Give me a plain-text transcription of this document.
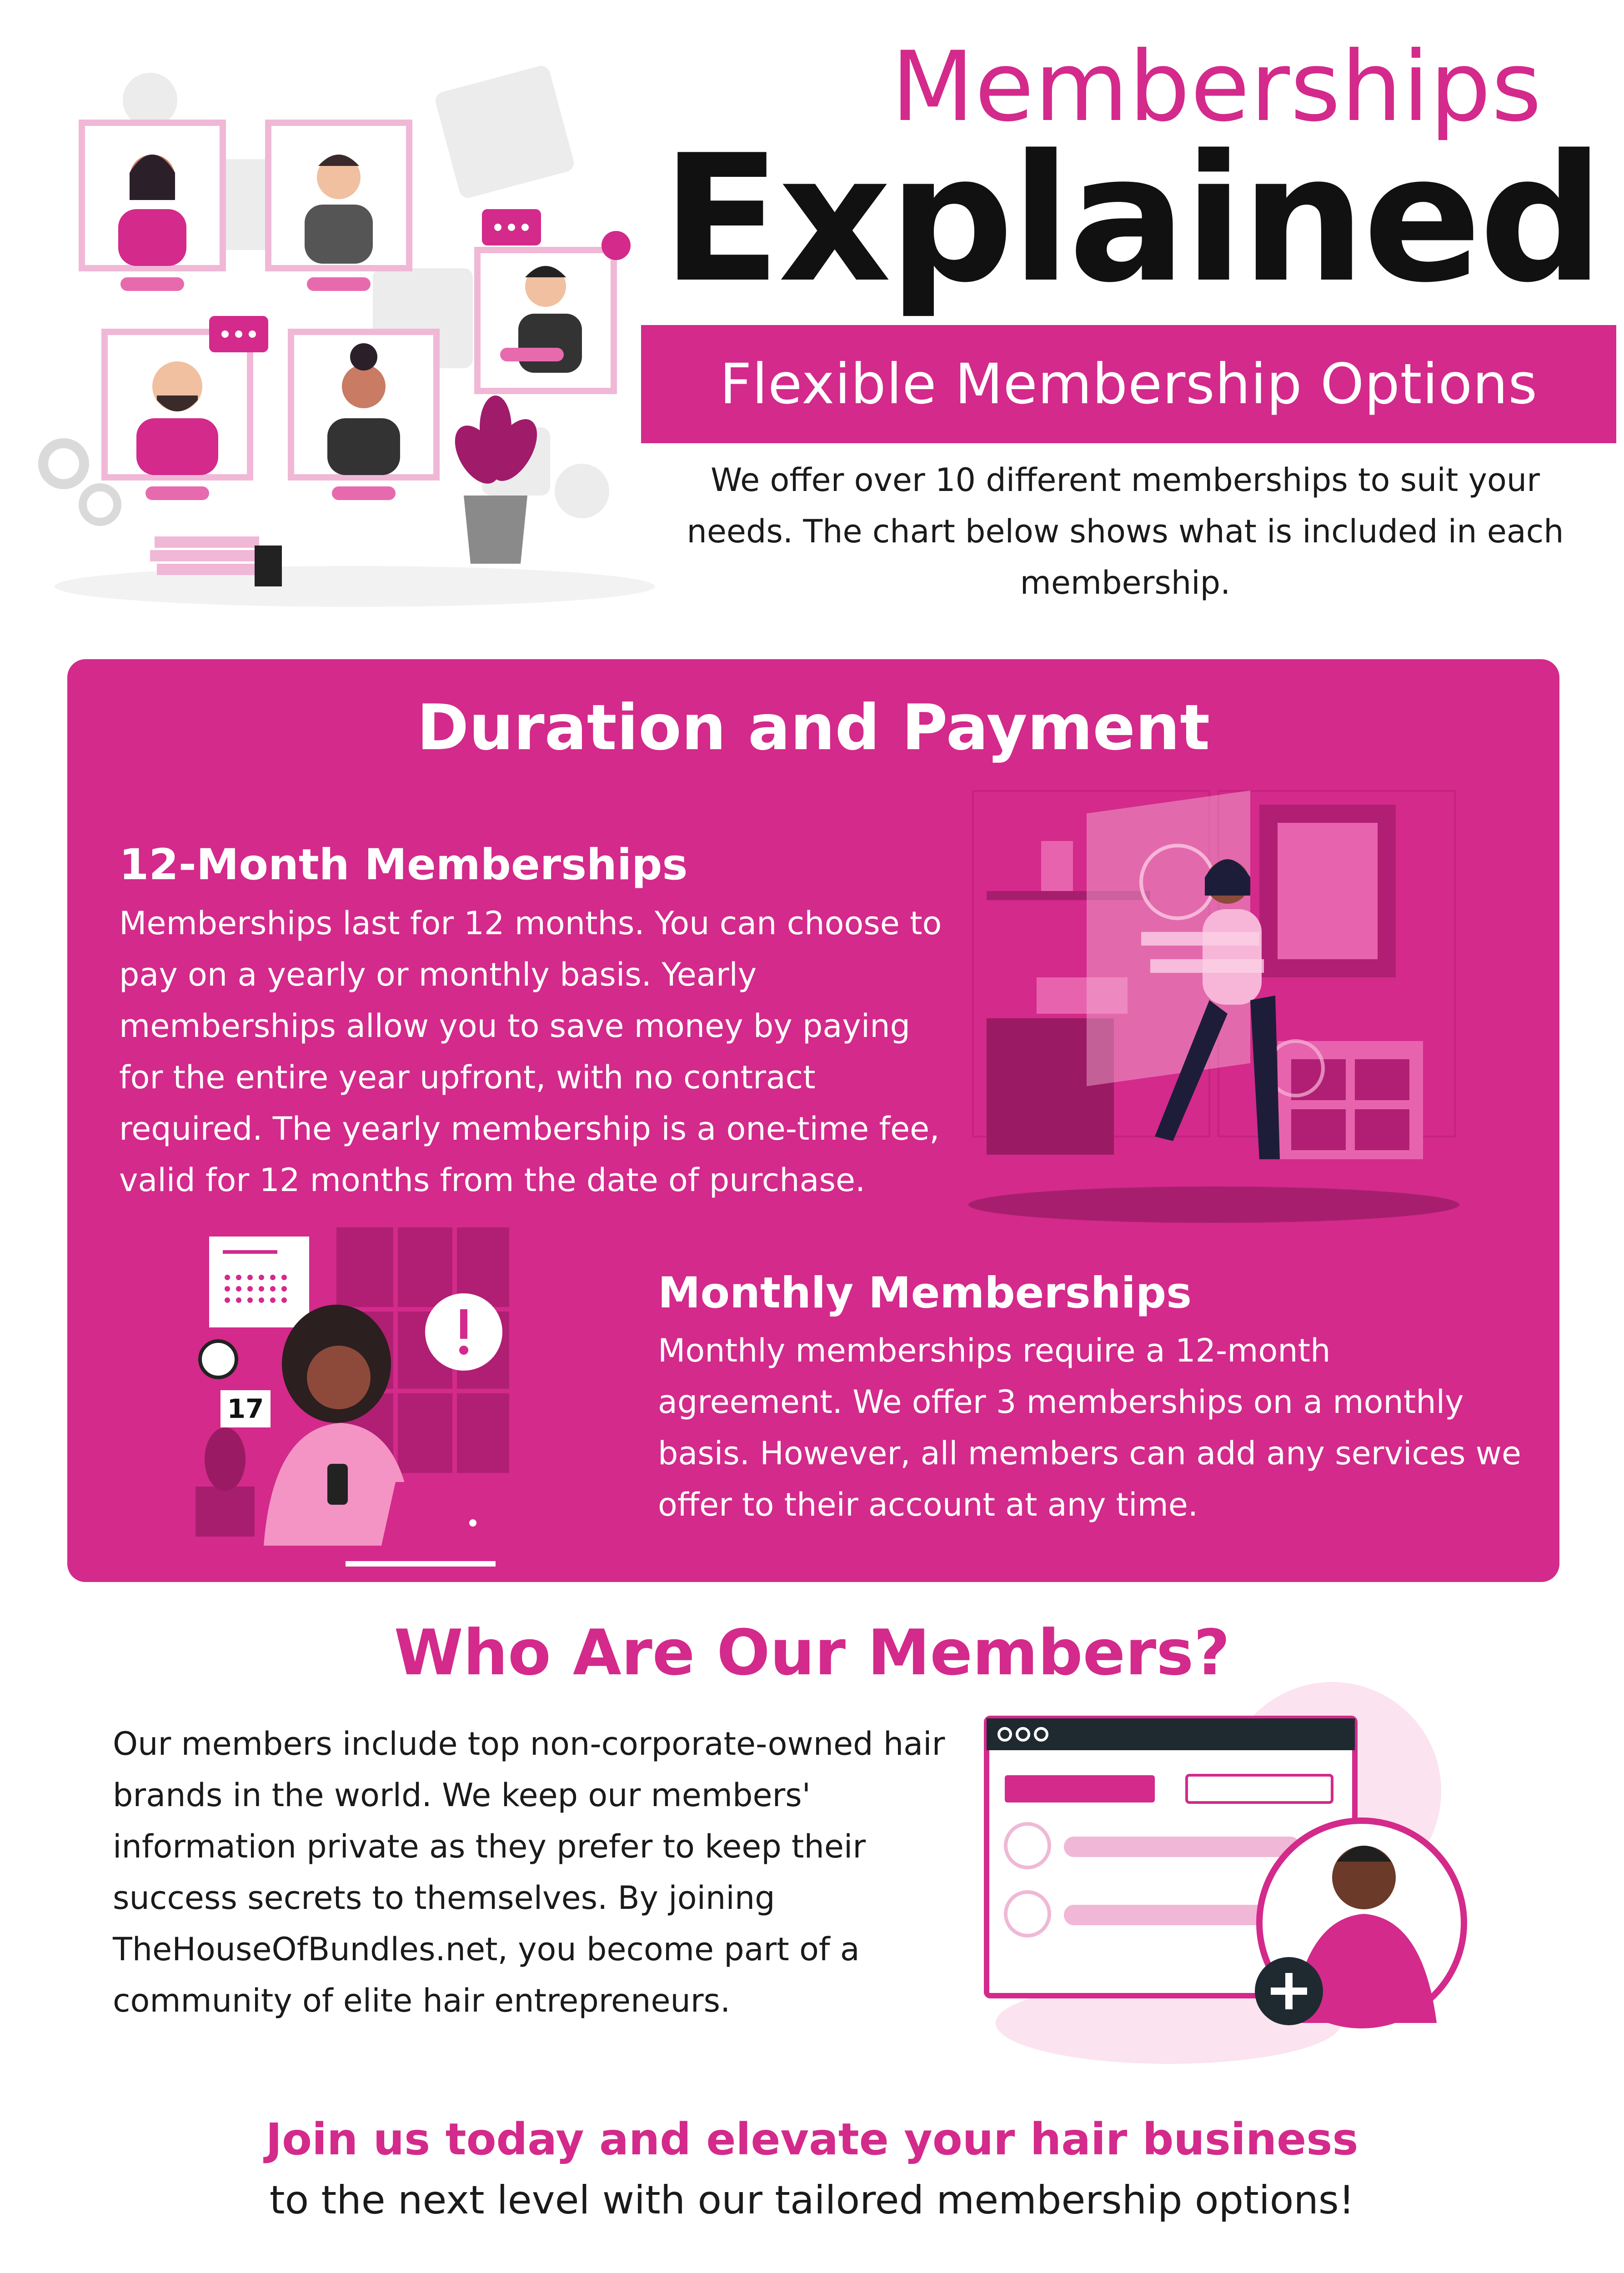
Memberships
Explained
Flexible Membership Options
We offer over 10 different memberships to suit your needs. The chart below shows what is included in each membership.
Duration and Payment
12-Month Memberships
Memberships last for 12 months. You can choose to pay on a yearly or monthly basis. Yearly memberships allow you to save money by paying for the entire year upfront, with no contract required. The yearly membership is a one-time fee, valid for 12 months from the date of purchase.
17
Monthly Memberships
Monthly memberships require a 12-month agreement. We offer 3 memberships on a monthly basis. However, all members can add any services we offer to their account at any time.
Who Are Our Members?
Our members include top non-corporate-owned hair brands in the world. We keep our members' information private as they prefer to keep their success secrets to themselves. By joining TheHouseOfBundles.net, you become part of a community of elite hair entrepreneurs.
Join us today and elevate your hair business
to the next level with our tailored membership options!
